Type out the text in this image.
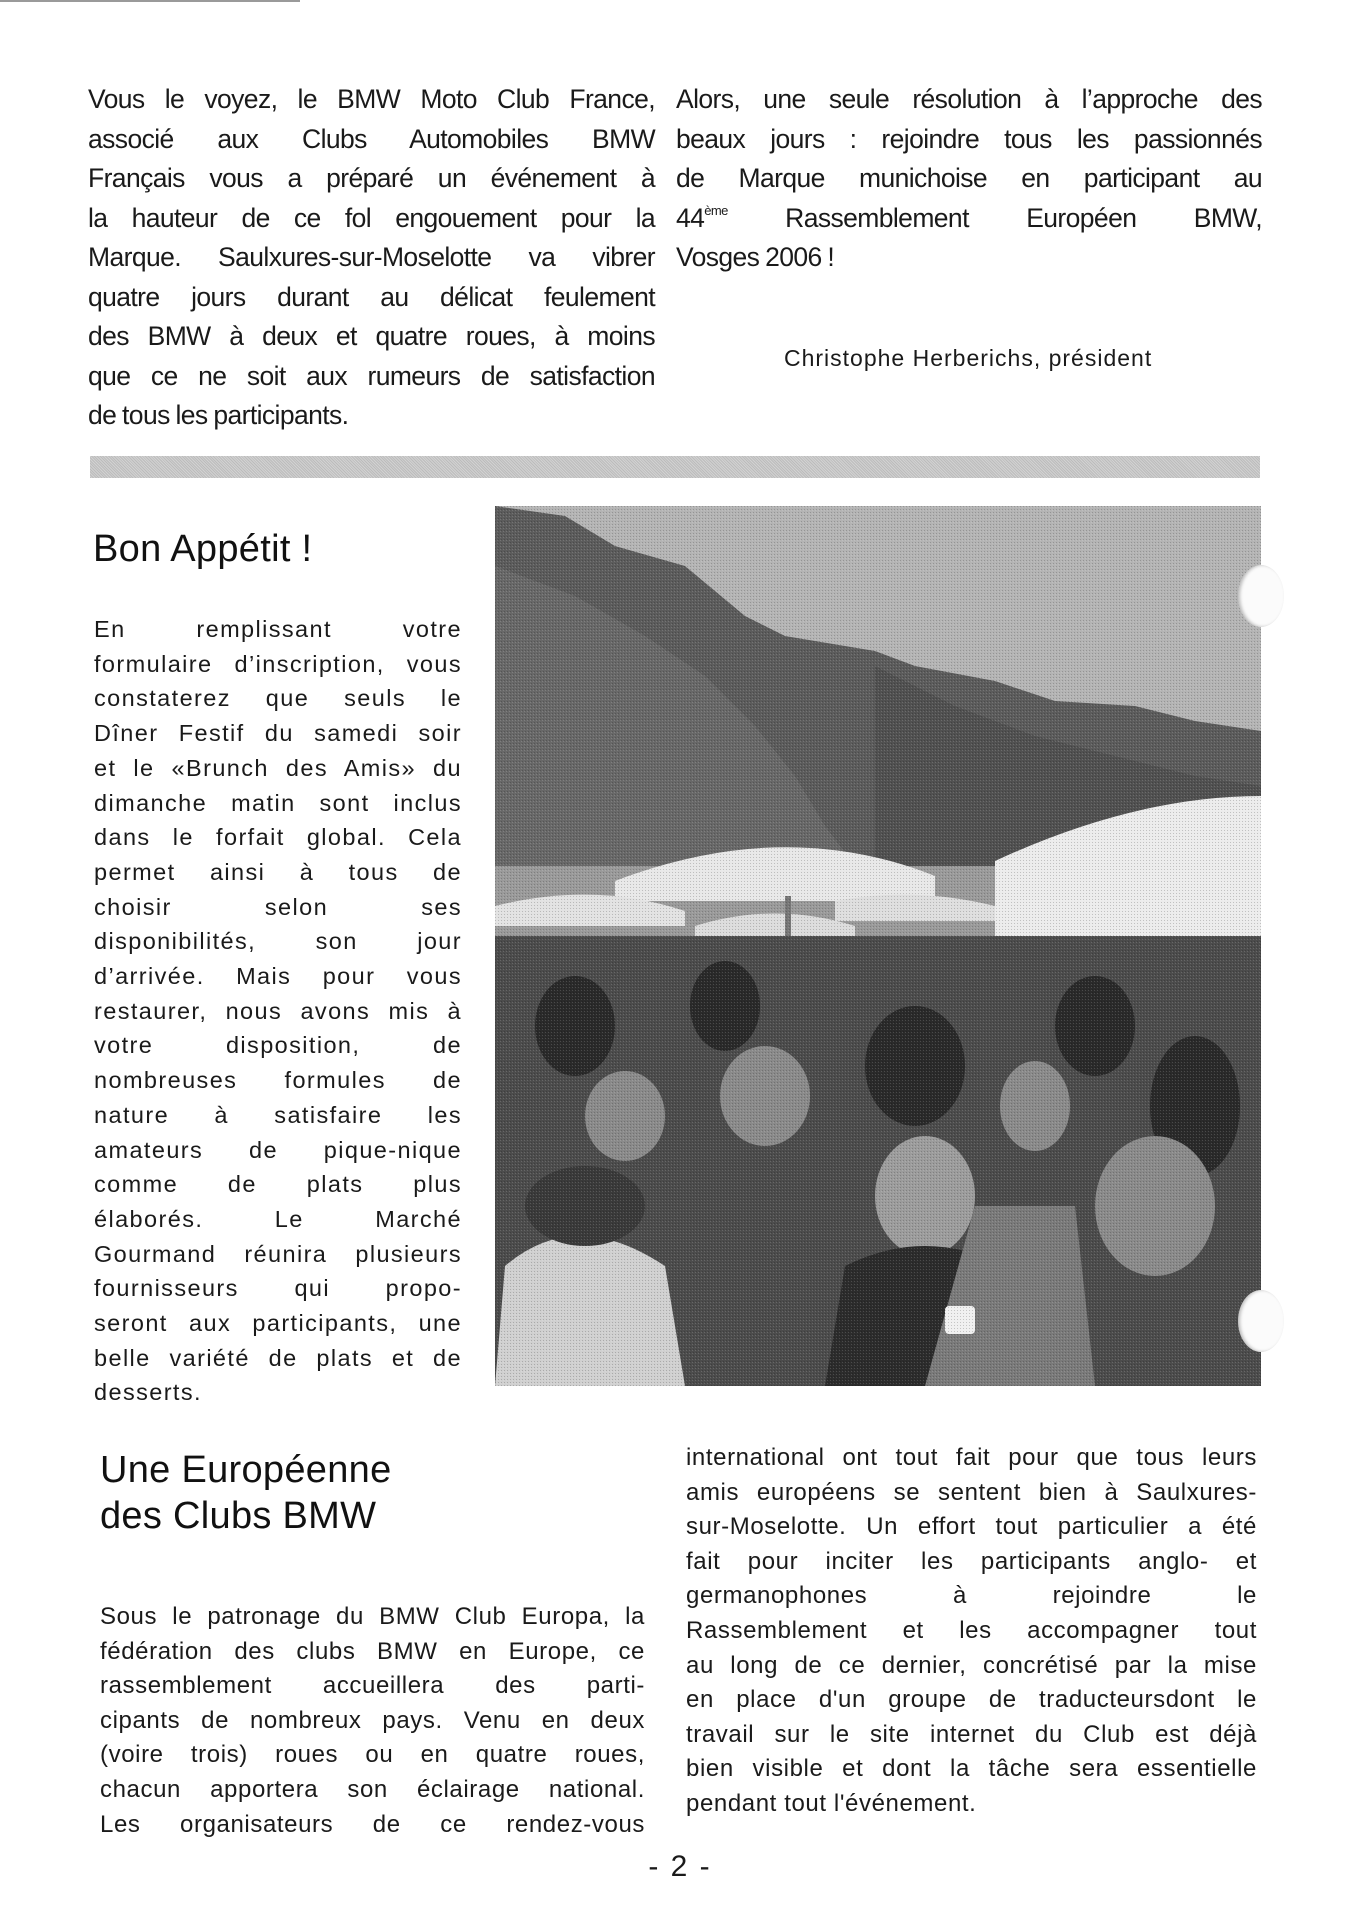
Vous le voyez, le BMW Moto Club France,
associé aux Clubs Automobiles BMW
Français vous a préparé un événement à
la hauteur de ce fol engouement pour la
Marque. Saulxures-sur-Moselotte va vibrer
quatre jours durant au délicat feulement
des BMW à deux et quatre roues, à moins
que ce ne soit aux rumeurs de satisfaction
de tous les participants.
Alors, une seule résolution à l’approche des
beaux jours : rejoindre tous les passionnés
de Marque munichoise en participant au
44ème Rassemblement Européen BMW,
Vosges 2006 !
Christophe Herberichs, président
Bon Appétit !
En remplissant votre
formulaire d’inscription, vous
constaterez que seuls le
Dîner Festif du samedi soir
et le «Brunch des Amis» du
dimanche matin sont inclus
dans le forfait global. Cela
permet ainsi à tous de
choisir selon ses
disponibilités, son jour
d’arrivée. Mais pour vous
restaurer, nous avons mis à
votre disposition, de
nombreuses formules de
nature à satisfaire les
amateurs de pique-nique
comme de plats plus
élaborés. Le Marché
Gourmand réunira plusieurs
fournisseurs qui propo-
seront aux participants, une
belle variété de plats et de
desserts.
Une Européenne
des Clubs BMW
Sous le patronage du BMW Club Europa, la
fédération des clubs BMW en Europe, ce
rassemblement accueillera des parti-
cipants de nombreux pays. Venu en deux
(voire trois) roues ou en quatre roues,
chacun apportera son éclairage national.
Les organisateurs de ce rendez-vous
international ont tout fait pour que tous leurs
amis européens se sentent bien à Saulxures-
sur-Moselotte. Un effort tout particulier a été
fait pour inciter les participants anglo- et
germanophones à rejoindre le
Rassemblement et les accompagner tout
au long de ce dernier, concrétisé par la mise
en place d'un groupe de traducteursdont le
travail sur le site internet du Club est déjà
bien visible et dont la tâche sera essentielle
pendant tout l'événement.
- 2 -
